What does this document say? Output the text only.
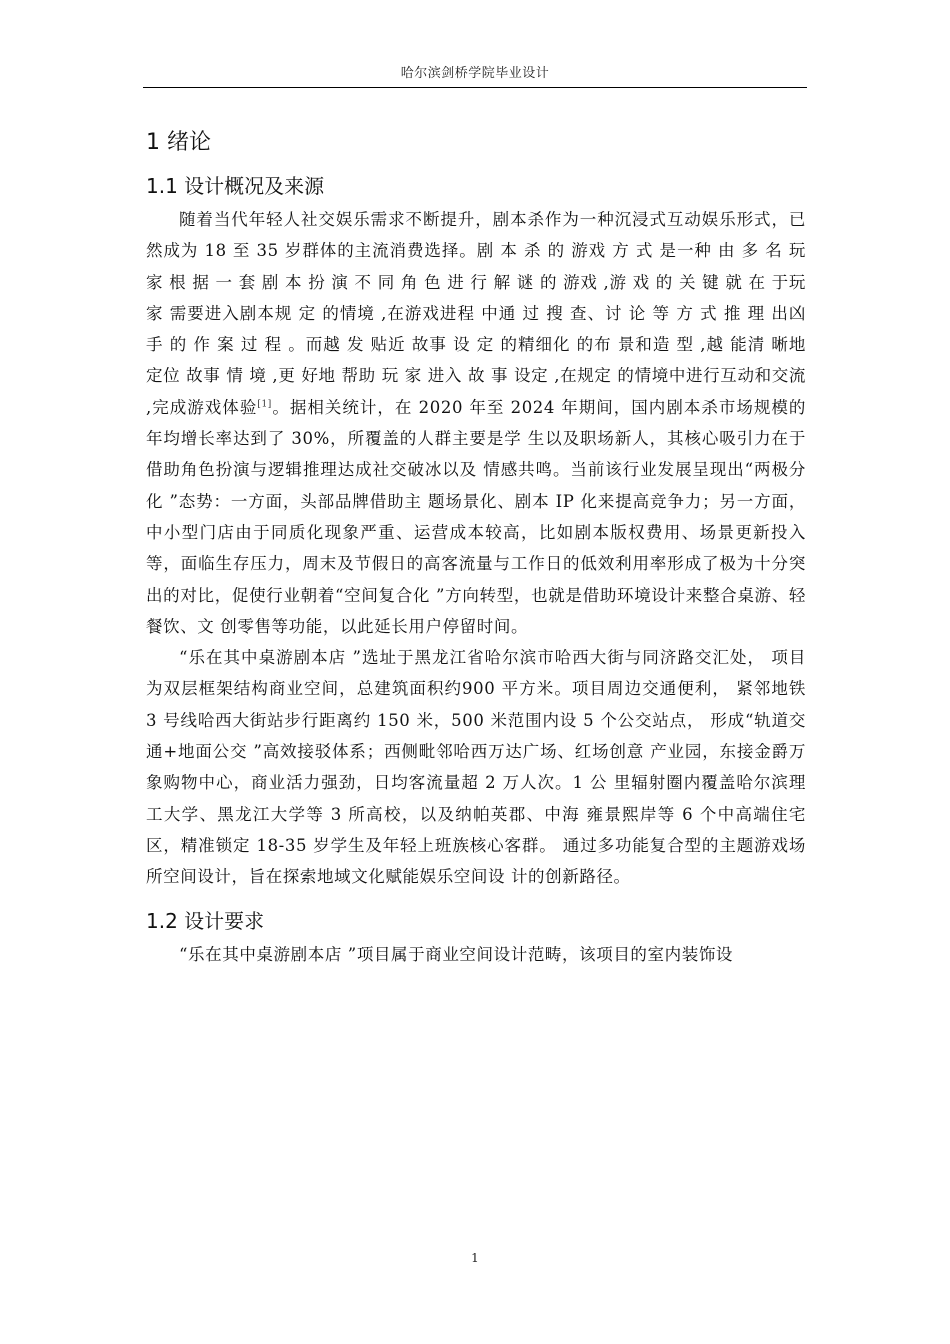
哈尔滨剑桥学院毕业设计
1 绪论
1.1 设计概况及来源

随着当代年轻人社交娱乐需求不断提升，剧本杀作为一种沉浸式互动娱乐形式，已然成为 18 至 35 岁群体的主流消费选择。剧 本 杀 的 游戏 方 式 是一种 由 多 名 玩 家 根 据 一 套 剧 本 扮 演 不 同 角 色 进 行 解 谜 的 游戏 ,游 戏 的 关 键 就 在 于玩家 需要进入剧本规 定 的情境 ,在游戏进程 中通 过 搜 查、讨 论 等 方 式 推 理 出凶 手 的 作 案 过 程 。而越 发 贴近 故事 设 定 的精细化 的布 景和造 型 ,越 能清 晰地 定位 故事 情 境 ,更 好地 帮助 玩 家 进入 故 事 设定 ,在规定 的情境中进行互动和交流 ,完成游戏体验[1]。据相关统计，在 2020 年至 2024 年期间，国内剧本杀市场规模的年均增长率达到了 30%，所覆盖的人群主要是学 生以及职场新人，其核心吸引力在于借助角色扮演与逻辑推理达成社交破冰以及 情感共鸣。当前该行业发展呈现出“两极分化 ”态势：一方面，头部品牌借助主 题场景化、剧本 IP 化来提高竞争力；另一方面，中小型门店由于同质化现象严重、运营成本较高，比如剧本版权费用、场景更新投入等，面临生存压力，周末及节假日的高客流量与工作日的低效利用率形成了极为十分突出的对比，促使行业朝着“空间复合化 ”方向转型，也就是借助环境设计来整合桌游、轻餐饮、文 创零售等功能，以此延长用户停留时间。

“乐在其中桌游剧本店 ”选址于黑龙江省哈尔滨市哈西大街与同济路交汇处， 项目为双层框架结构商业空间，总建筑面积约900 平方米。项目周边交通便利， 紧邻地铁 3 号线哈西大街站步行距离约 150 米，500 米范围内设 5 个公交站点， 形成“轨道交通+地面公交 ”高效接驳体系；西侧毗邻哈西万达广场、红场创意 产业园，东接金爵万象购物中心，商业活力强劲，日均客流量超 2 万人次。1 公 里辐射圈内覆盖哈尔滨理工大学、黑龙江大学等 3 所高校，以及纳帕英郡、中海 雍景熙岸等 6 个中高端住宅区，精准锁定 18-35 岁学生及年轻上班族核心客群。 通过多功能复合型的主题游戏场所空间设计，旨在探索地域文化赋能娱乐空间设 计的创新路径。

1.2 设计要求

“乐在其中桌游剧本店 ”项目属于商业空间设计范畴，该项目的室内装饰设

1
